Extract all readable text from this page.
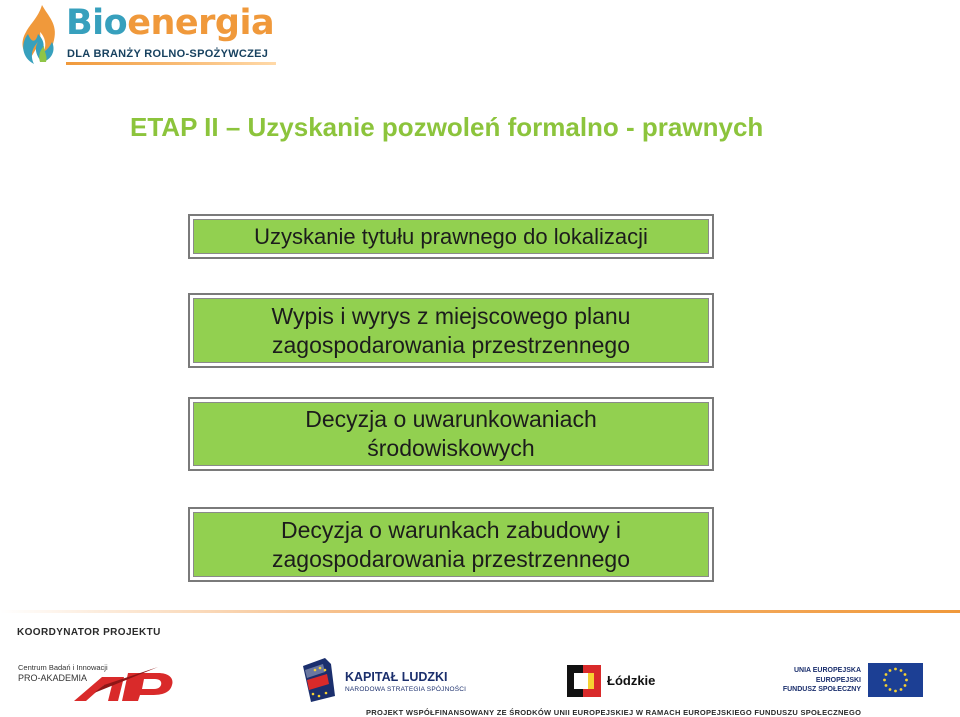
Bioenergia
DLA BRANŻY ROLNO-SPOŻYWCZEJ
ETAP II – Uzyskanie pozwoleń formalno - prawnych
Uzyskanie tytułu prawnego do lokalizacji
Wypis i wyrys z miejscowego planu
zagospodarowania przestrzennego
Decyzja o uwarunkowaniach
środowiskowych
Decyzja o warunkach zabudowy i
zagospodarowania przestrzennego
KOORDYNATOR PROJEKTU
Centrum Badań i Innowacji
PRO-AKADEMIA	KAPITAŁ LUDZKI
NARODOWA STRATEGIA SPÓJNOŚCI
Łódzkie
UNIA EUROPEJSKA
EUROPEJSKI
FUNDUSZ SPOŁECZNY
PROJEKT WSPÓŁFINANSOWANY ZE ŚRODKÓW UNII EUROPEJSKIEJ W RAMACH EUROPEJSKIEGO FUNDUSZU SPOŁECZNEGO
